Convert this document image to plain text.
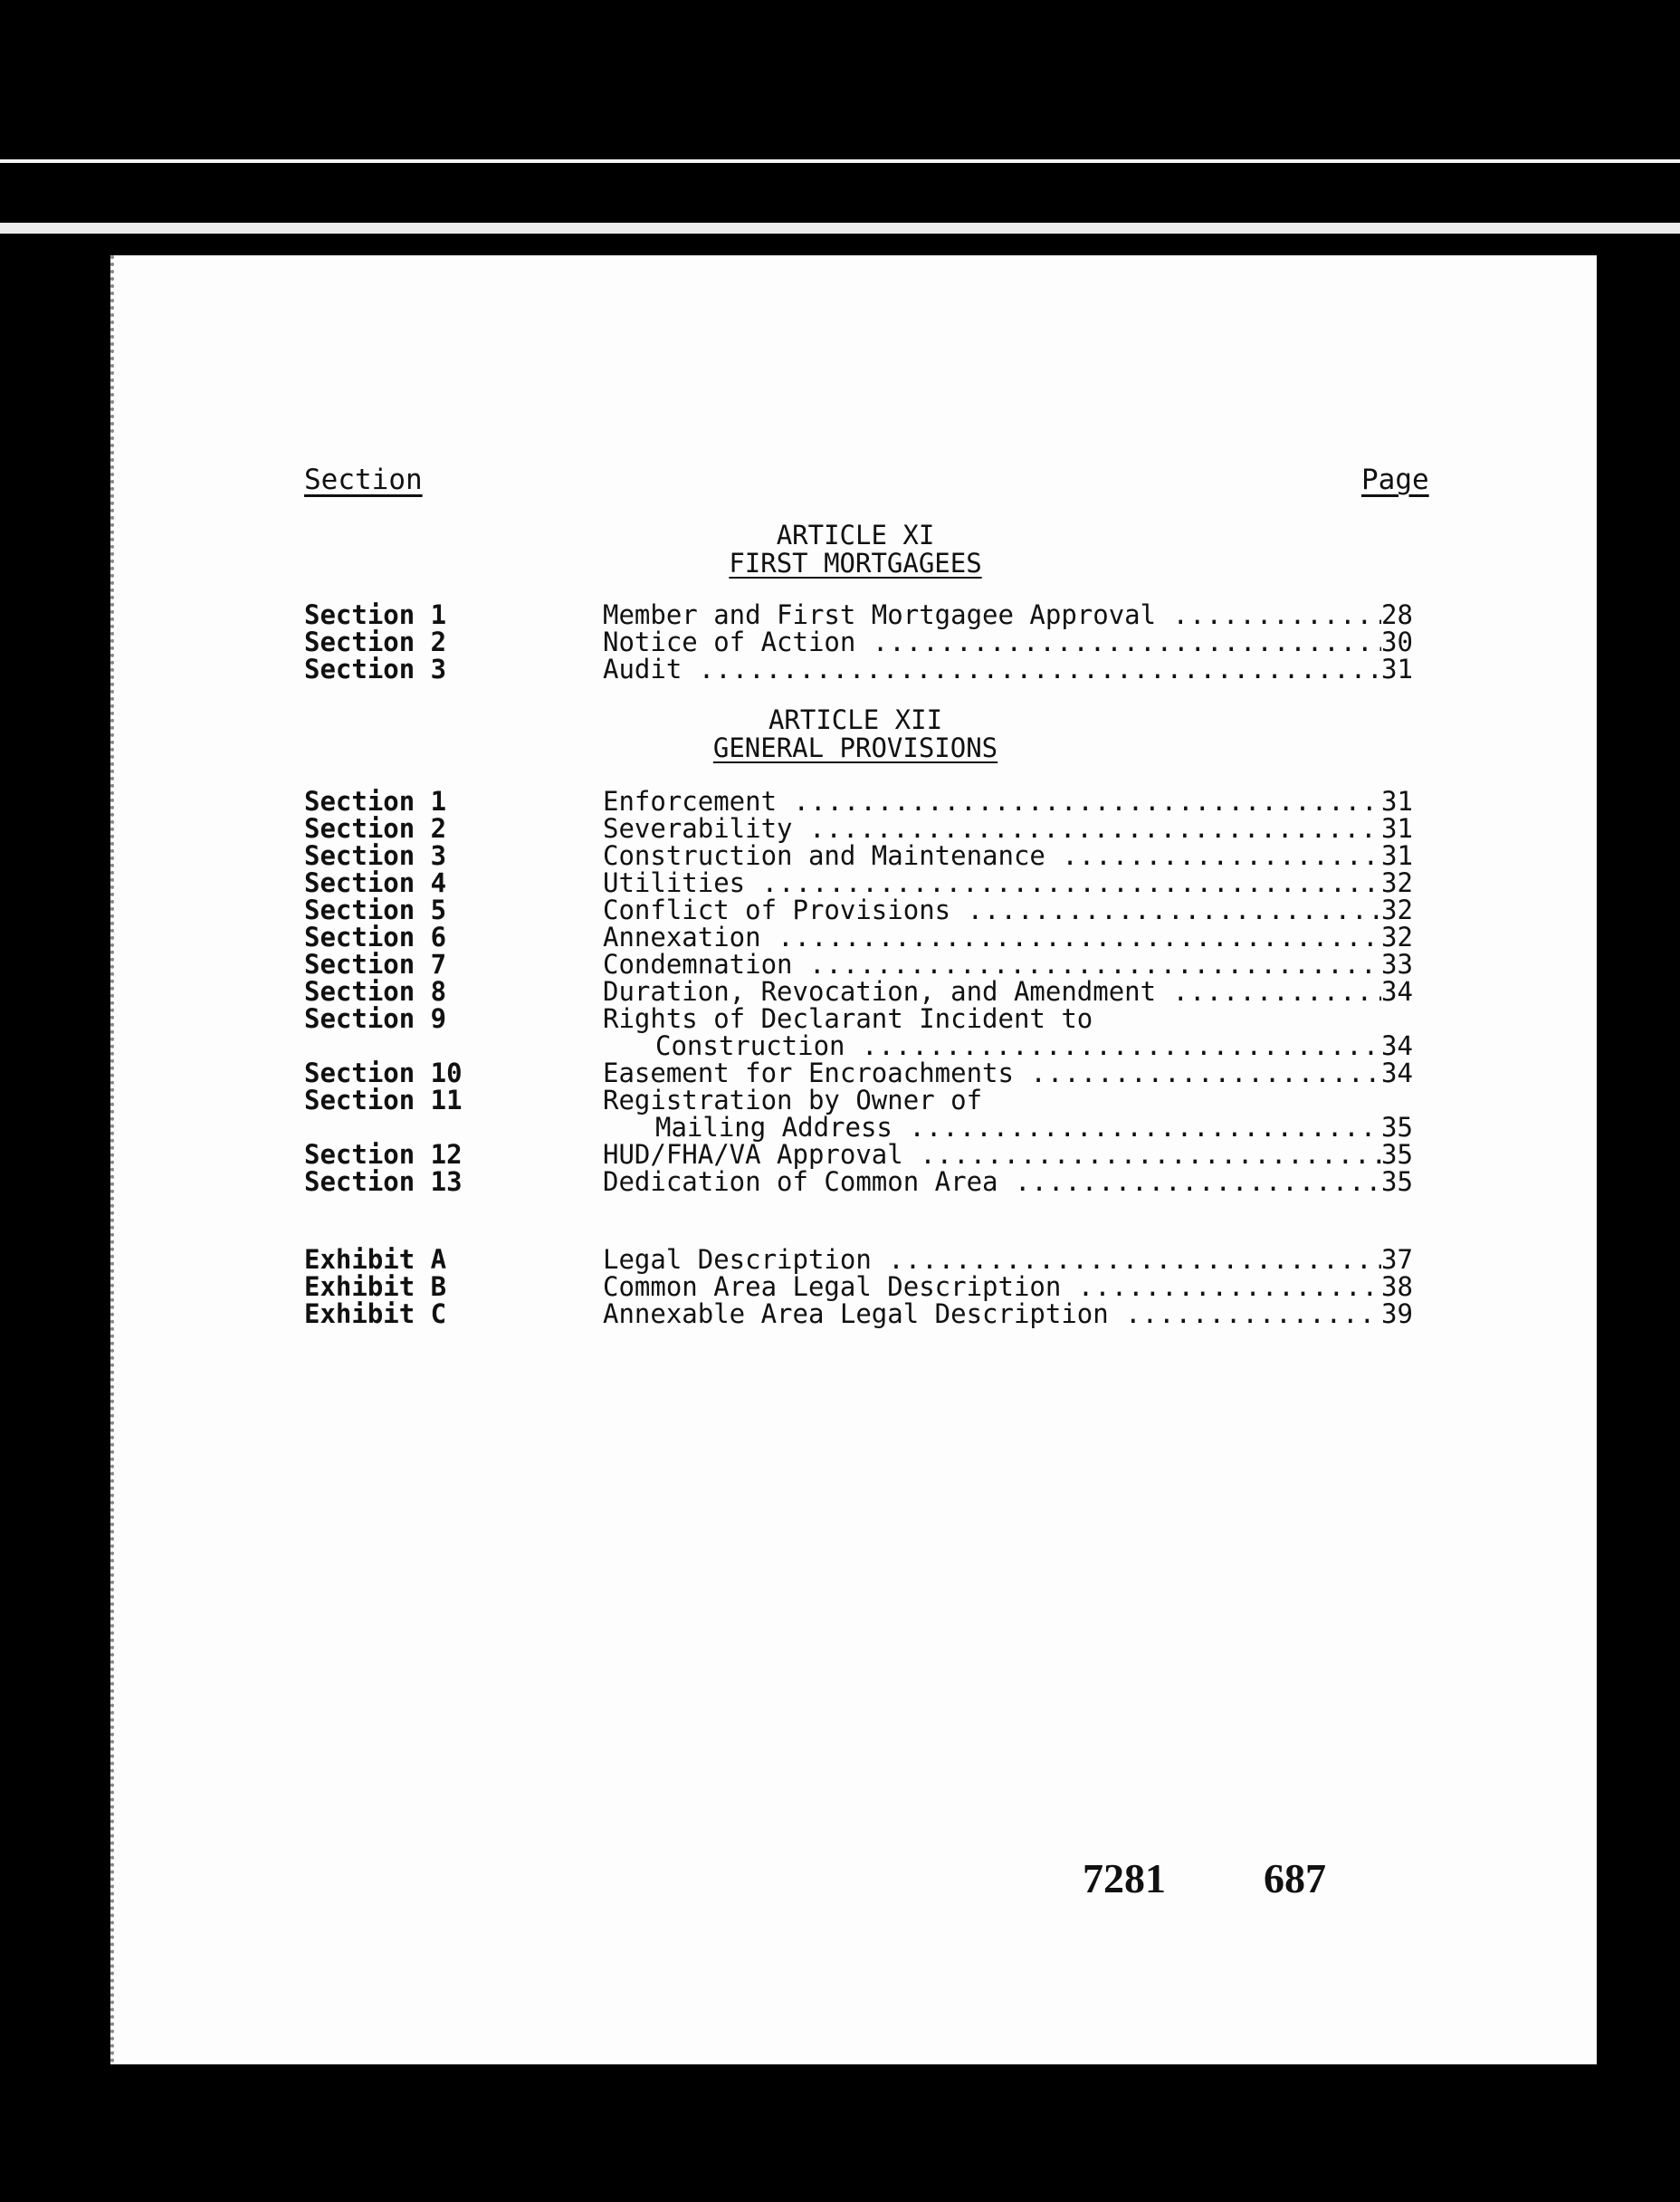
Section	Page
ARTICLE XI
FIRST MORTGAGEES
Section 1	Member and First Mortgagee Approval .....	28
Section 2	Notice of Action .....	30
Section 3	Audit .....	31
ARTICLE XII
GENERAL PROVISIONS
Section 1	Enforcement .....	31
Section 2	Severability .....	31
Section 3	Construction and Maintenance .....	31
Section 4	Utilities .....	32
Section 5	Conflict of Provisions .....	32
Section 6	Annexation .....	32
Section 7	Condemnation .....	33
Section 8	Duration, Revocation, and Amendment .....	34
Section 9	Rights of Declarant Incident to
Construction .....	34
Section 10	Easement for Encroachments .....	34
Section 11	Registration by Owner of
Mailing Address .....	35
Section 12	HUD/FHA/VA Approval .....	35
Section 13	Dedication of Common Area .....	35
Exhibit A	Legal Description .....	37
Exhibit B	Common Area Legal Description .....	38
Exhibit C	Annexable Area Legal Description .....	39
7281 687
